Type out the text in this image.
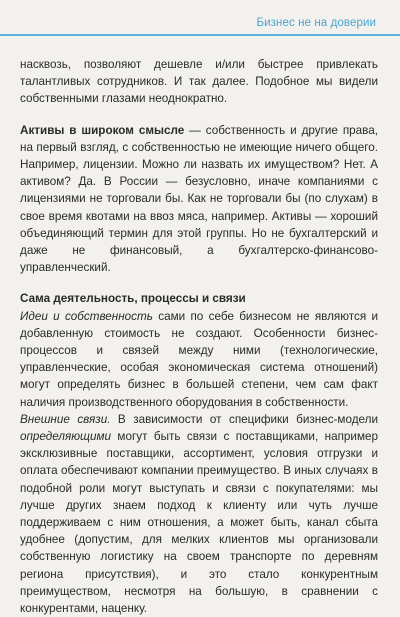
Бизнес не на доверии

насквозь, позволяют дешевле и/или быстрее привлекать талантливых сотрудников. И так далее. Подобное мы видели собственными глазами неоднократно.

Активы в широком смысле — собственность и другие права, на первый взгляд, с собственностью не имеющие ничего общего. Например, лицензии. Можно ли назвать их имуществом? Нет. А активом? Да. В России — безусловно, иначе компаниями с лицензиями не торговали бы. Как не торговали бы (по слухам) в свое время квотами на ввоз мяса, например. Активы — хороший объединяющий термин для этой группы. Но не бухгалтерский и даже не финансовый, а бухгалтерско-финансово-управленческий.

Сама деятельность, процессы и связи

Идеи и собственность сами по себе бизнесом не являются и добавленную стоимость не создают. Особенности бизнес-процессов и связей между ними (технологические, управленческие, особая экономическая система отношений) могут определять бизнес в большей степени, чем сам факт наличия производственного оборудования в собственности.

Внешние связи. В зависимости от специфики бизнес-модели определяющими могут быть связи с поставщиками, например эксклюзивные поставщики, ассортимент, условия отгрузки и оплата обеспечивают компании преимущество. В иных случаях в подобной роли могут выступать и связи с покупателями: мы лучше других знаем подход к клиенту или чуть лучше поддерживаем с ним отношения, а может быть, канал сбыта удобнее (допустим, для мелких клиентов мы организовали собственную логистику на своем транспорте по деревням региона присутствия), и это стало конкурентным преимуществом, несмотря на большую, в сравнении с конкурентами, наценку.
